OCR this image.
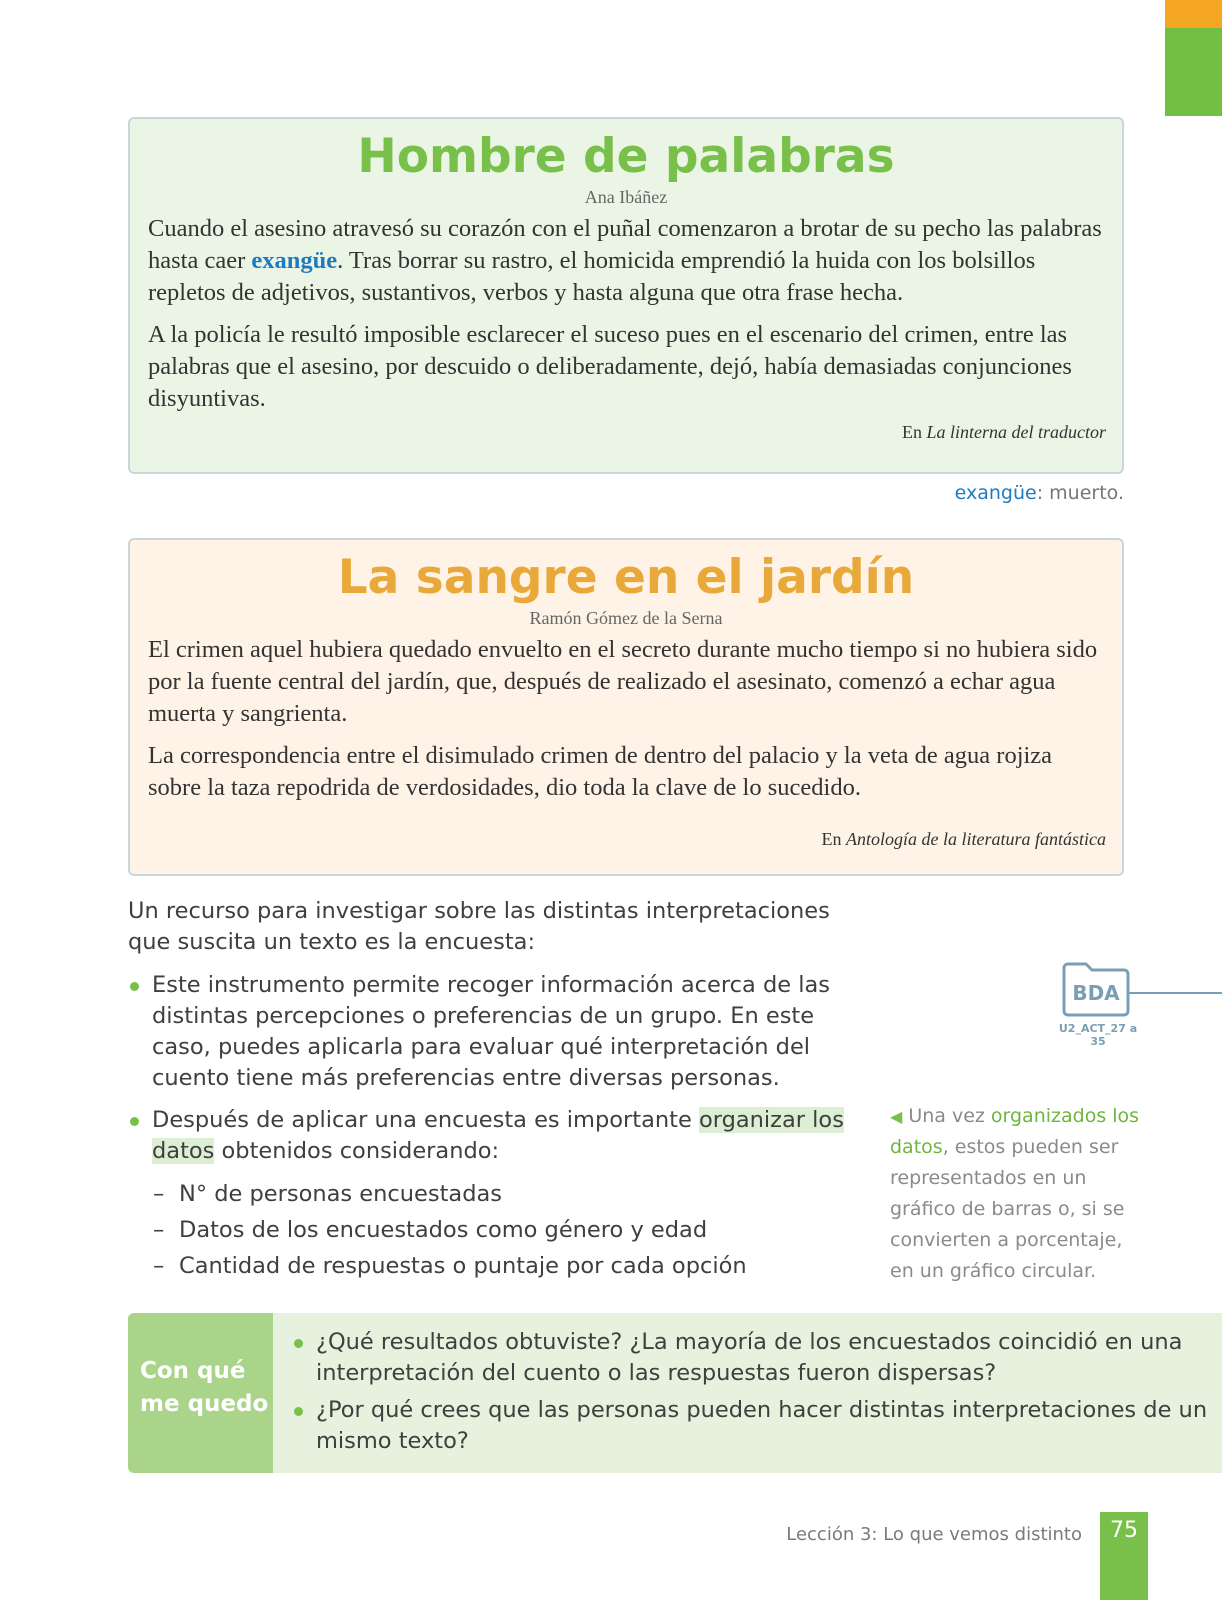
Hombre de palabras
Ana Ibáñez

Cuando el asesino atravesó su corazón con el puñal comenzaron a brotar de su pecho las palabras hasta caer exangüe. Tras borrar su rastro, el homicida emprendió la huida con los bolsillos repletos de adjetivos, sustantivos, verbos y hasta alguna que otra frase hecha.

A la policía le resultó imposible esclarecer el suceso pues en el escenario del crimen, entre las palabras que el asesino, por descuido o deliberadamente, dejó, había demasiadas conjunciones disyuntivas.

En La linterna del traductor
exangüe: muerto.
La sangre en el jardín
Ramón Gómez de la Serna

El crimen aquel hubiera quedado envuelto en el secreto durante mucho tiempo si no hubiera sido por la fuente central del jardín, que, después de realizado el asesinato, comenzó a echar agua muerta y sangrienta.

La correspondencia entre el disimulado crimen de dentro del palacio y la veta de agua rojiza sobre la taza repodrida de verdosidades, dio toda la clave de lo sucedido.

En Antología de la literatura fantástica

Un recurso para investigar sobre las distintas interpretaciones que suscita un texto es la encuesta:

Este instrumento permite recoger información acerca de las distintas percepciones o preferencias de un grupo. En este caso, puedes aplicarla para evaluar qué interpretación del cuento tiene más preferencias entre diversas personas.
Después de aplicar una encuesta es importante organizar los datos obtenidos considerando:
– N° de personas encuestadas
– Datos de los encuestados como género y edad
– Cantidad de respuestas o puntaje por cada opción
BDA
U2_ACT_27 a 35
◀ Una vez organizados los datos, estos pueden ser representados en un gráfico de barras o, si se convierten a porcentaje, en un gráfico circular.
Con qué
me quedo
¿Qué resultados obtuviste? ¿La mayoría de los encuestados coincidió en una interpretación del cuento o las respuestas fueron dispersas?
¿Por qué crees que las personas pueden hacer distintas interpretaciones de un mismo texto?
Lección 3: Lo que vemos distinto	75
